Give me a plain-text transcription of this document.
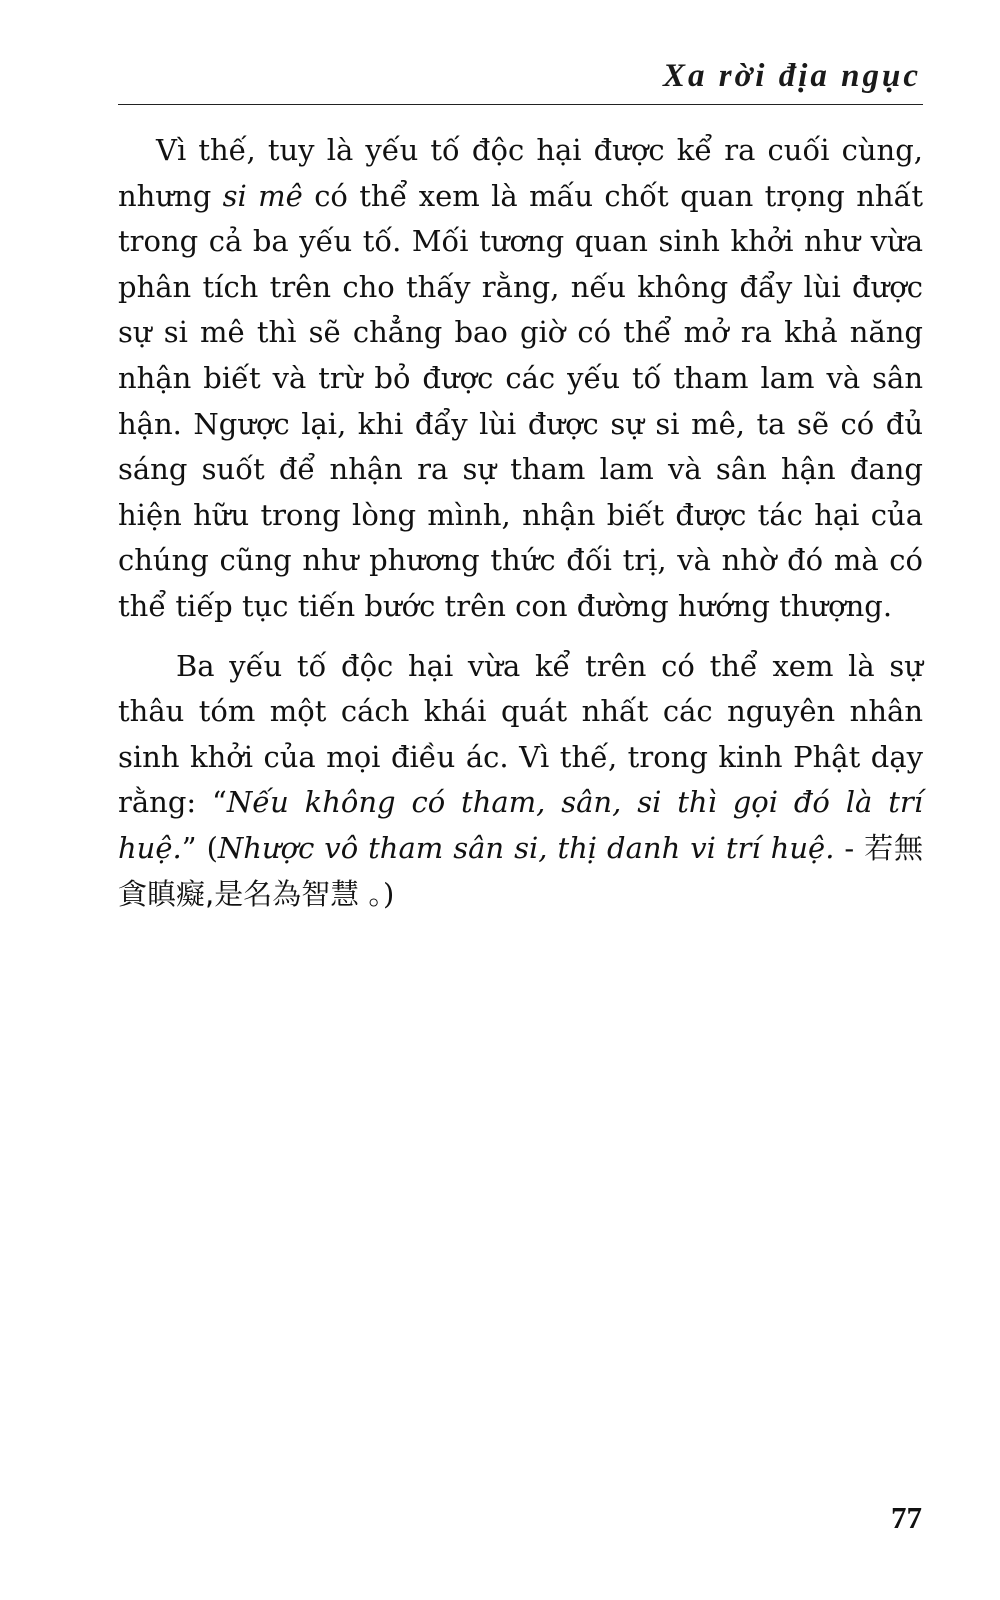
Xa rời địa ngục

Vì thế, tuy là yếu tố độc hại được kể ra cuối cùng, nhưng si mê có thể xem là mấu chốt quan trọng nhất trong cả ba yếu tố. Mối tương quan sinh khởi như vừa phân tích trên cho thấy rằng, nếu không đẩy lùi được sự si mê thì sẽ chẳng bao giờ có thể mở ra khả năng nhận biết và trừ bỏ được các yếu tố tham lam và sân hận. Ngược lại, khi đẩy lùi được sự si mê, ta sẽ có đủ sáng suốt để nhận ra sự tham lam và sân hận đang hiện hữu trong lòng mình, nhận biết được tác hại của chúng cũng như phương thức đối trị, và nhờ đó mà có thể tiếp tục tiến bước trên con đường hướng thượng.

Ba yếu tố độc hại vừa kể trên có thể xem là sự thâu tóm một cách khái quát nhất các nguyên nhân sinh khởi của mọi điều ác. Vì thế, trong kinh Phật dạy rằng: “Nếu không có tham, sân, si thì gọi đó là trí huệ.” (Nhược vô tham sân si, thị danh vi trí huệ. - 若無貪瞋癡,是名為智慧 。)

77
